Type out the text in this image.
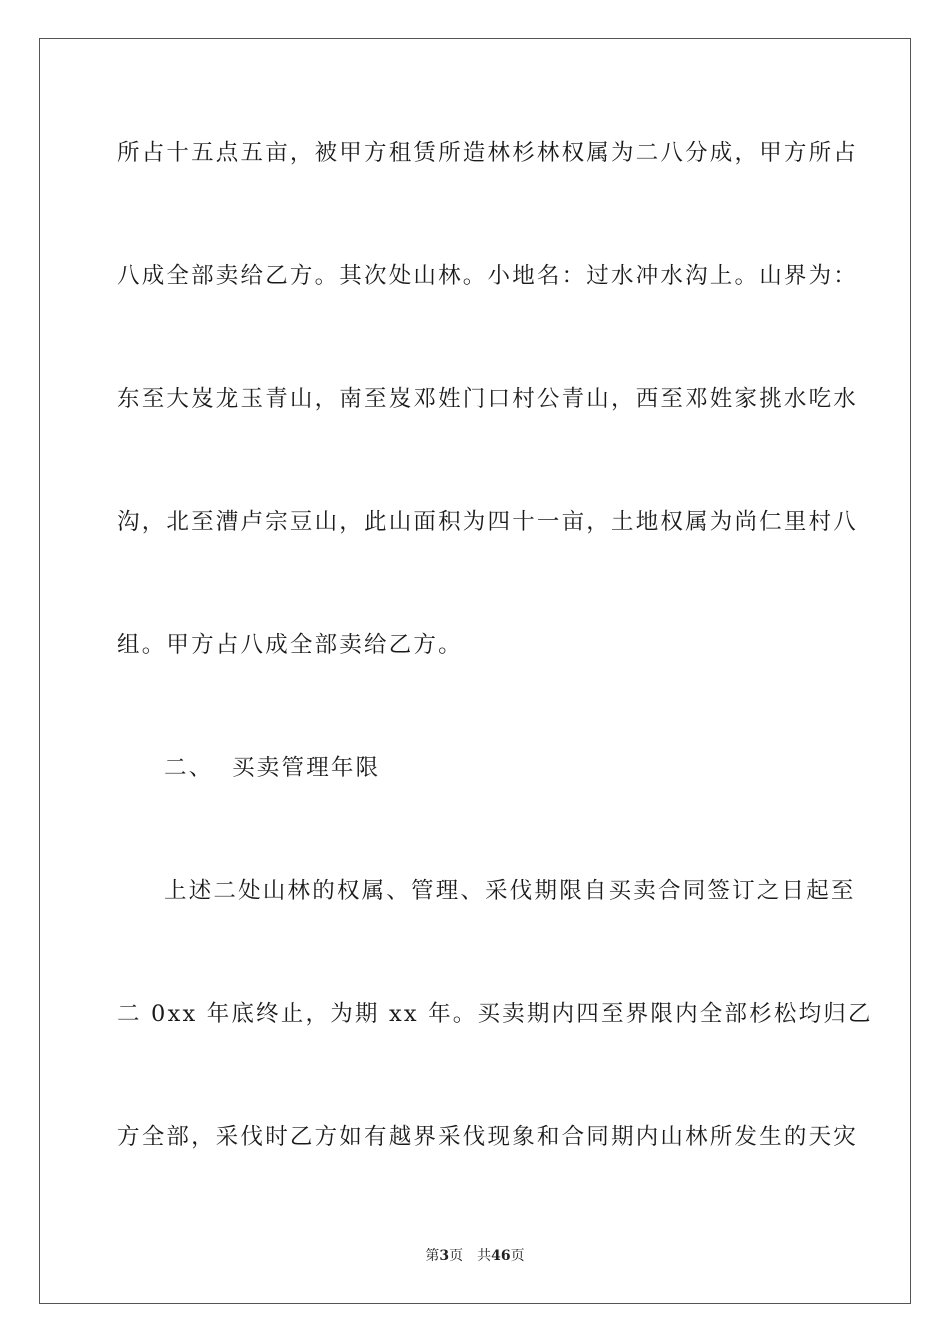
所占十五点五亩，被甲方租赁所造林杉林权属为二八分成，甲方所占
八成全部卖给乙方。其次处山林。小地名：过水冲水沟上。山界为：
东至大岌龙玉青山，南至岌邓姓门口村公青山，西至邓姓家挑水吃水
沟，北至漕卢宗豆山，此山面积为四十一亩，土地权属为尚仁里村八
组。甲方占八成全部卖给乙方。
二、  买卖管理年限
上述二处山林的权属、管理、采伐期限自买卖合同签订之日起至
二 0xx 年底终止，为期 xx 年。买卖期内四至界限内全部杉松均归乙
方全部，采伐时乙方如有越界采伐现象和合同期内山林所发生的天灾
第3页 共46页
